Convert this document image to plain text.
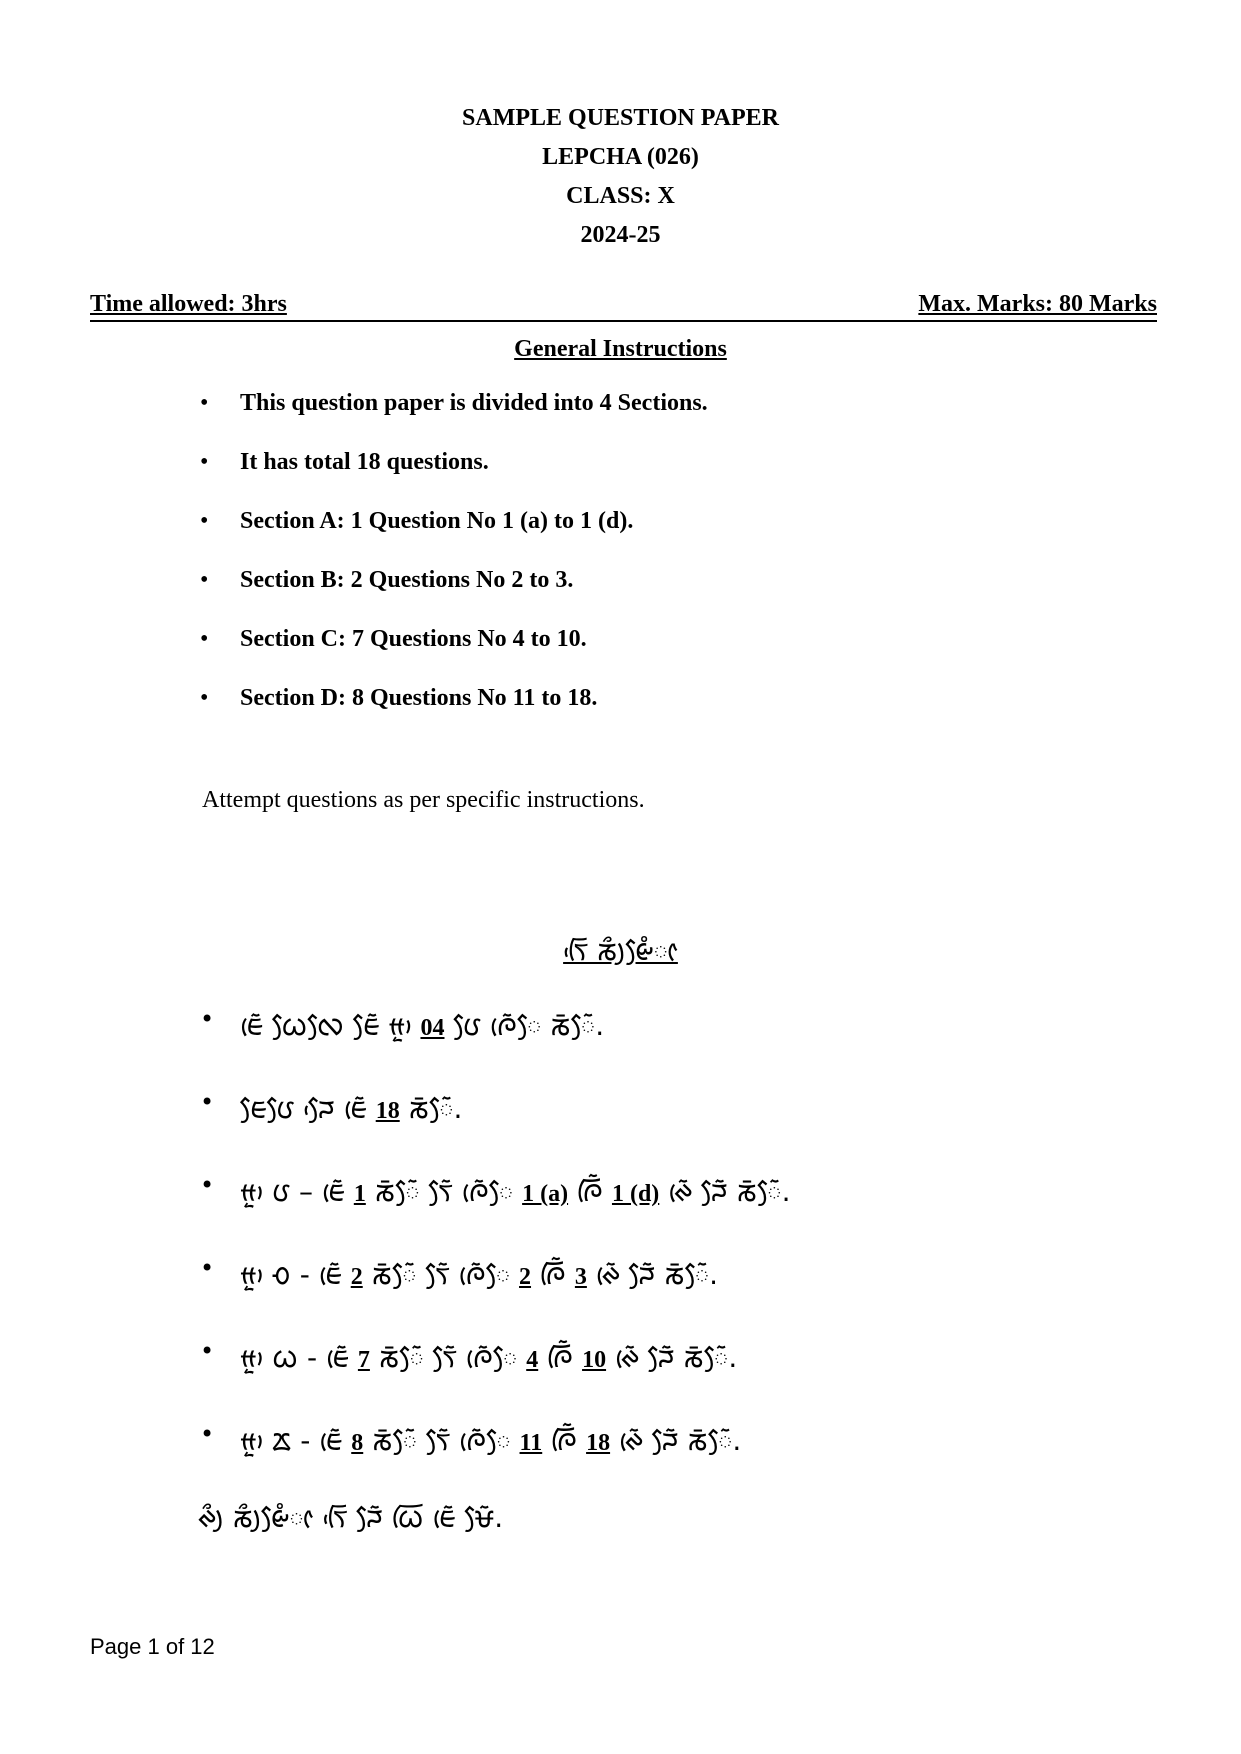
SAMPLE QUESTION PAPER
LEPCHA (026)
CLASS: X
2024-25
Time allowed: 3hrs	Max. Marks: 80 Marks
General Instructions
• This question paper is divided into 4 Sections.
• It has total 18 questions.
• Section A: 1 Question No 1 (a) to 1 (d).
• Section B: 2 Questions No 2 to 3.
• Section C: 7 Questions No 4 to 10.
• Section D: 8 Questions No 11 to 18.
Attempt questions as per specific instructions.
ᰛᰩᰵ ᰕᰪᰰᰡᰧᰱᰦ
• ᰀᰨᰶ ᰃᰧᰜᰧ ᰀᰧᰶ ᰙᰥᰬ 04 ᰂᰧ ᰍᰨᰶᰧ ᰕᰳᰧᰶ.
• ᰀᰧᰂᰧ ᰎᰧᰵ ᰀᰨᰶ 18 ᰕᰳᰧᰶ.
• ᰙᰥᰬ ᰂ – ᰀᰨᰶ 1 ᰕᰳᰧᰶ ᰛᰧᰶ ᰍᰨᰶᰧ 1 (a) ᰍᰩᰶ 1 (d) ᰊᰨᰶ ᰎᰧᰶ ᰕᰳᰧᰶ.
• ᰙᰥᰬ ᰆ - ᰀᰨᰶ 2 ᰕᰳᰧᰶ ᰛᰧᰶ ᰍᰨᰶᰧ 2 ᰍᰩᰶ 3 ᰊᰨᰶ ᰎᰧᰶ ᰕᰳᰧᰶ.
• ᰙᰥᰬ ᰃ - ᰀᰨᰶ 7 ᰕᰳᰧᰶ ᰛᰧᰶ ᰍᰨᰶᰧ 4 ᰍᰩᰶ 10 ᰊᰨᰶ ᰎᰧᰶ ᰕᰳᰧᰶ.
• ᰙᰥᰬ ᰇ - ᰀᰨᰶ 8 ᰕᰳᰧᰶ ᰛᰧᰶ ᰍᰨᰶᰧ 11 ᰍᰩᰶ 18 ᰊᰨᰶ ᰎᰧᰶ ᰕᰳᰧᰶ.
ᰊᰪᰰ ᰕᰪᰰᰡᰧᰱᰦ ᰛᰩᰵ ᰎᰧᰶ ᰃᰩ ᰀᰨᰶ ᰝᰧᰶ.
Page 1 of 12
